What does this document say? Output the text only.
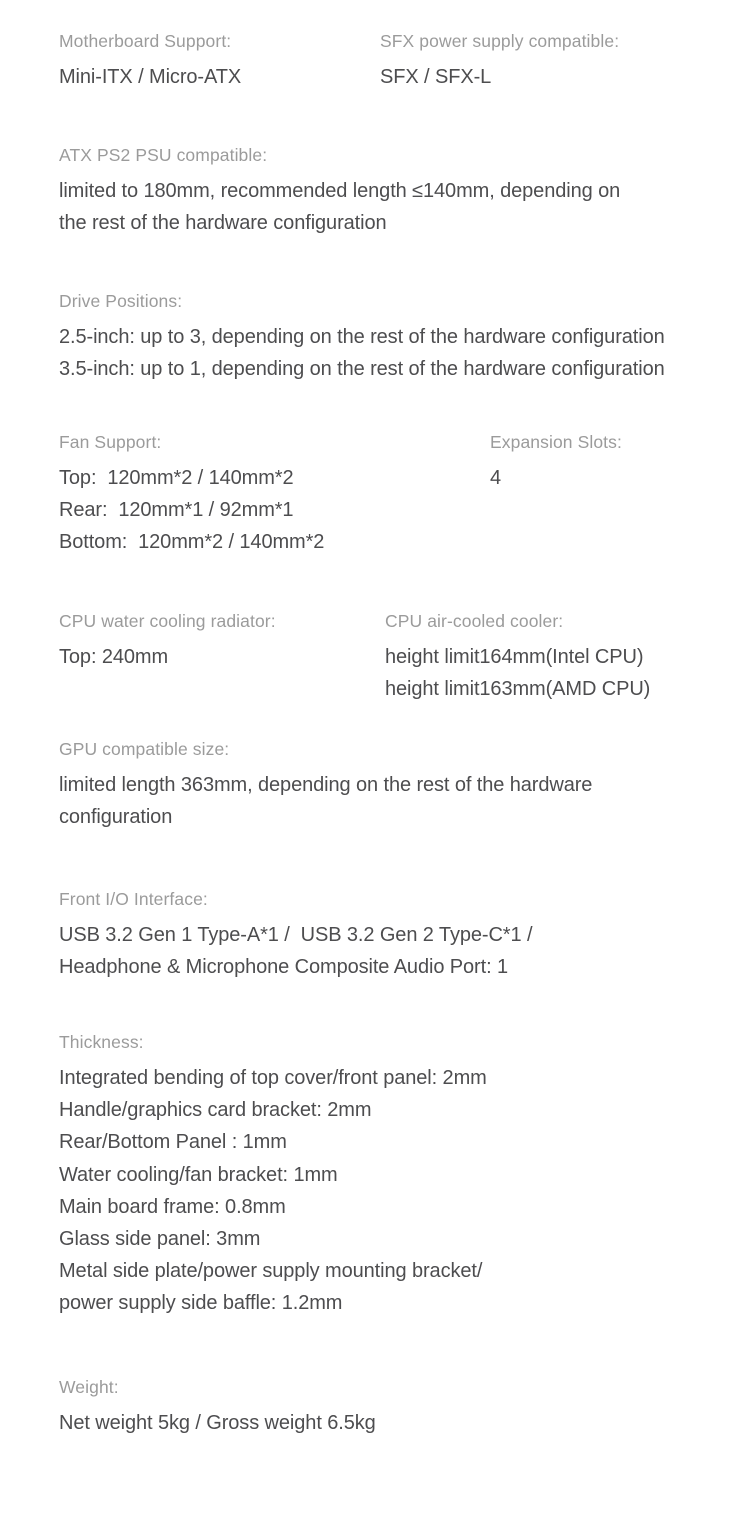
Motherboard Support:
Mini-ITX / Micro-ATX
SFX power supply compatible:
SFX / SFX-L
ATX PS2 PSU compatible:
limited to 180mm, recommended length ≤140mm, depending on
the rest of the hardware configuration
Drive Positions:
2.5-inch: up to 3, depending on the rest of the hardware configuration
3.5-inch: up to 1, depending on the rest of the hardware configuration
Fan Support:
Top:  120mm*2 / 140mm*2
Rear:  120mm*1 / 92mm*1
Bottom:  120mm*2 / 140mm*2
Expansion Slots:
4
CPU water cooling radiator:
Top: 240mm
CPU air-cooled cooler:
height limit164mm(Intel CPU)
height limit163mm(AMD CPU)
GPU compatible size:
limited length 363mm, depending on the rest of the hardware
configuration
Front I/O Interface:
USB 3.2 Gen 1 Type-A*1 /  USB 3.2 Gen 2 Type-C*1 /
Headphone & Microphone Composite Audio Port: 1
Thickness:
Integrated bending of top cover/front panel: 2mm
Handle/graphics card bracket: 2mm
Rear/Bottom Panel : 1mm
Water cooling/fan bracket: 1mm
Main board frame: 0.8mm
Glass side panel: 3mm
Metal side plate/power supply mounting bracket/
power supply side baffle: 1.2mm
Weight:
Net weight 5kg / Gross weight 6.5kg
